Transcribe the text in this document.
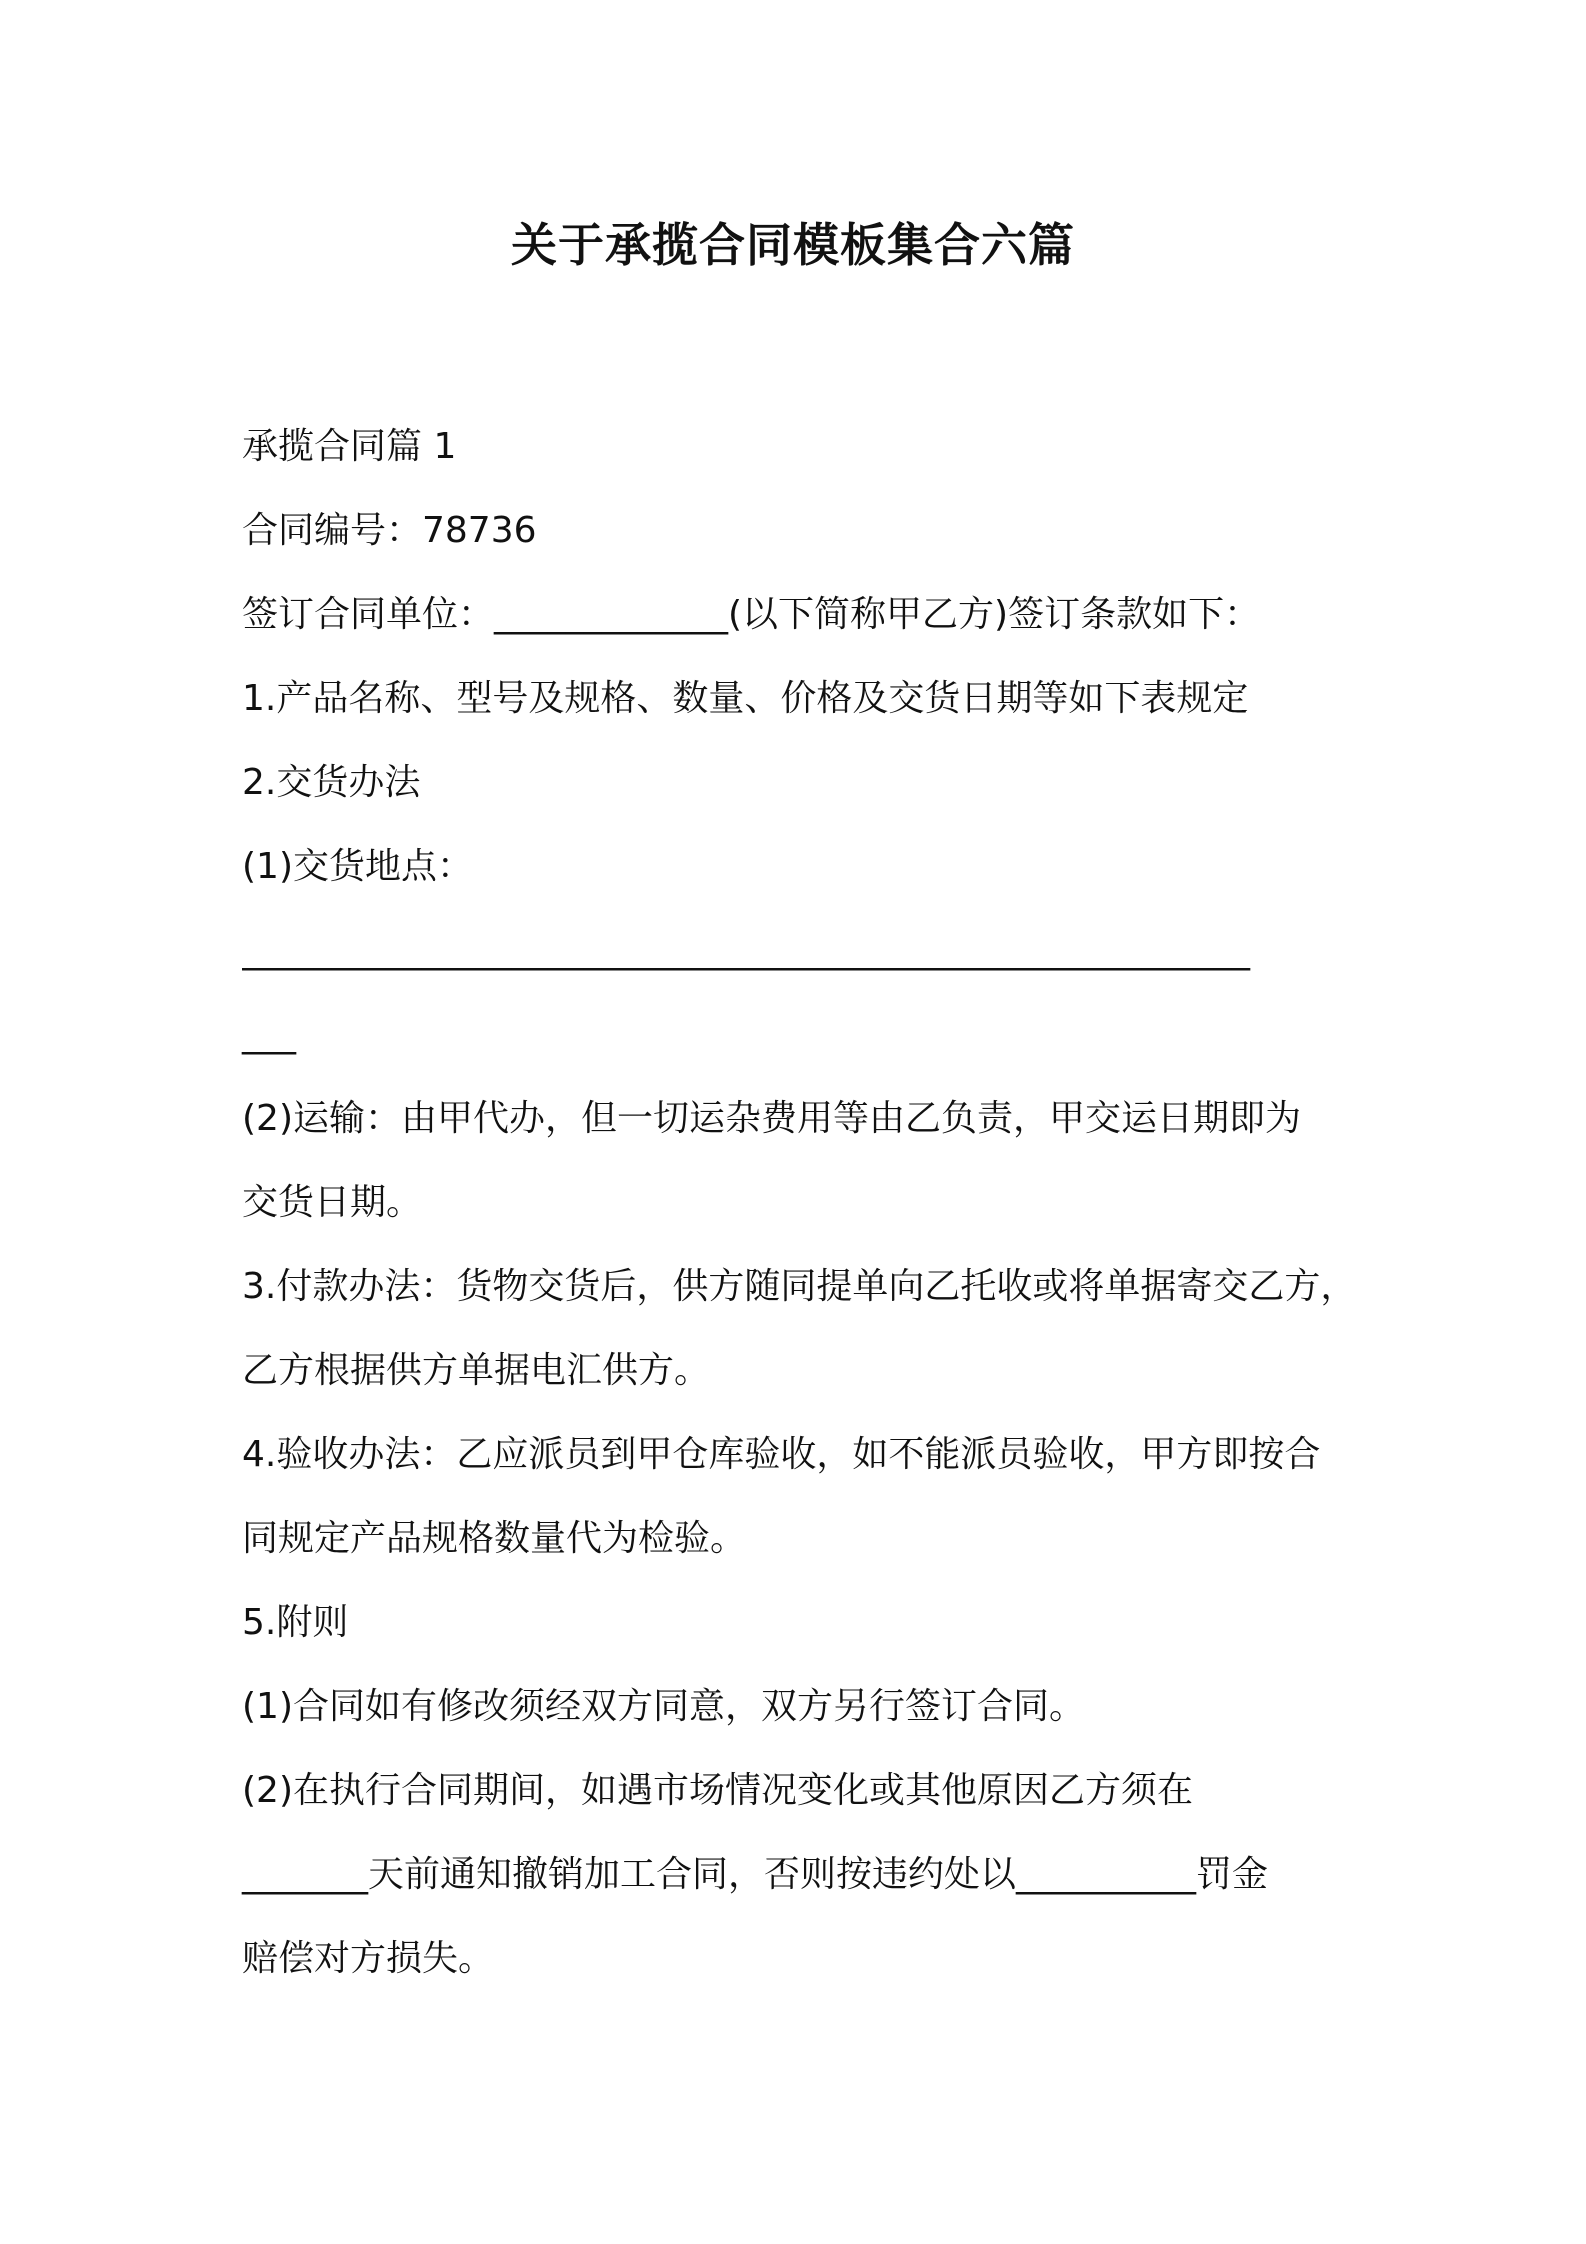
关于承揽合同模板集合六篇

承揽合同篇 1

合同编号：78736

签订合同单位：_____________(以下简称甲乙方)签订条款如下：

1.产品名称、型号及规格、数量、价格及交货日期等如下表规定

2.交货办法

(1)交货地点：

________________________________________________________

___

(2)运输：由甲代办，但一切运杂费用等由乙负责，甲交运日期即为

交货日期。

3.付款办法：货物交货后，供方随同提单向乙托收或将单据寄交乙方，

乙方根据供方单据电汇供方。

4.验收办法：乙应派员到甲仓库验收，如不能派员验收，甲方即按合

同规定产品规格数量代为检验。

5.附则

(1)合同如有修改须经双方同意，双方另行签订合同。

(2)在执行合同期间，如遇市场情况变化或其他原因乙方须在

_______天前通知撤销加工合同，否则按违约处以__________罚金

赔偿对方损失。
